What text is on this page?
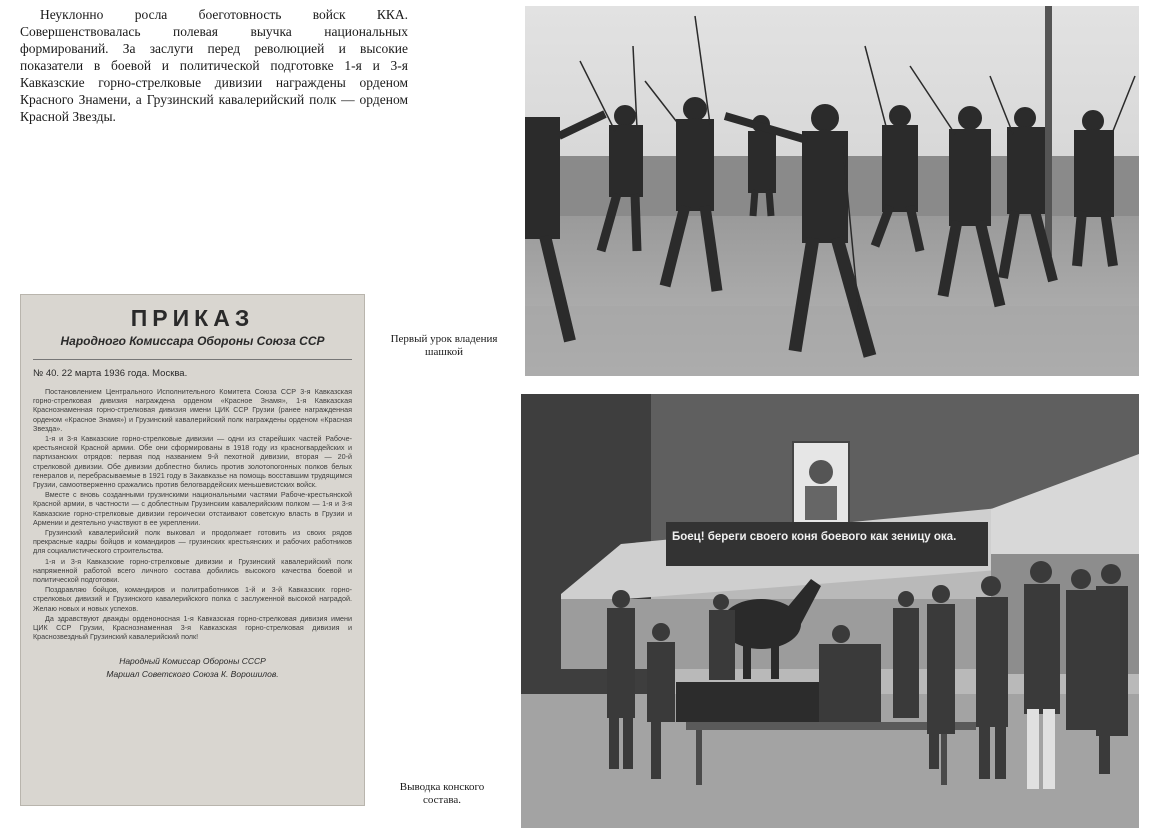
Неуклонно росла боеготовность войск ККА. Совершенствовалась полевая выучка национальных формирований. За заслуги перед революцией и высокие показатели в боевой и политической подготовке 1-я и 3-я Кавказские горно-стрелковые дивизии награждены орденом Красного Знамени, а Грузинский кавалерийский полк — орденом Красной Звезды.

ПРИКАЗ
Народного Комиссара Обороны Союза ССР
№ 40. 22 марта 1936 года. Москва.

Постановлением Центрального Исполнительного Комитета Союза ССР 3-я Кавказская горно-стрелковая дивизия награждена орденом «Красное Знамя», 1-я Кавказская Краснознаменная горно-стрелковая дивизия имени ЦИК ССР Грузии (ранее награжденная орденом «Красное Знамя») и Грузинский кавалерийский полк награждены орденом «Красная Звезда».

1-я и 3-я Кавказские горно-стрелковые дивизии — одни из старейших частей Рабоче-крестьянской Красной армии. Обе они сформированы в 1918 году из красногвардейских и партизанских отрядов: первая под названием 9-й пехотной дивизии, вторая — 20-й стрелковой дивизии. Обе дивизии доблестно бились против золотопогонных полков белых генералов и, перебрасываемые в 1921 году в Закавказье на помощь восставшим трудящимся Грузии, самоотверженно сражались против белогвардейских меньшевистских войск.

Вместе с вновь созданными грузинскими национальными частями Рабоче-крестьянской Красной армии, в частности — с доблестным Грузинским кавалерийским полком — 1-я и 3-я Кавказские горно-стрелковые дивизии героически отстаивают советскую власть в Грузии и Армении и деятельно участвуют в ее укреплении.

Грузинский кавалерийский полк выковал и продолжает готовить из своих рядов прекрасные кадры бойцов и командиров — грузинских крестьянских и рабочих работников для социалистического строительства.

1-я и 3-я Кавказские горно-стрелковые дивизии и Грузинский кавалерийский полк напряженной работой всего личного состава добились высокого качества боевой и политической подготовки.

Поздравляю бойцов, командиров и политработников 1-й и 3-й Кавказских горно-стрелковых дивизий и Грузинского кавалерийского полка с заслуженной высокой наградой. Желаю новых и новых успехов.

Да здравствуют дважды орденоносная 1-я Кавказская горно-стрелковая дивизия имени ЦИК ССР Грузии, Краснознаменная 3-я Кавказская горно-стрелковая дивизия и Краснозвездный Грузинский кавалерийский полк!

Народный Комиссар Обороны СССР
Маршал Советского Союза К. Ворошилов.
Первый урок владения шашкой
Боец! береги своего коня боевого как зеницу ока.
Выводка конского состава.
